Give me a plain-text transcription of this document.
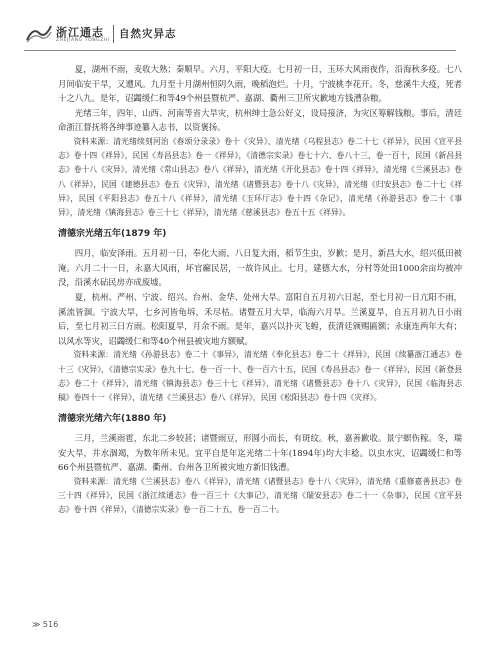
浙江通志
ZHEJIANG TONGZHI
自然灾异志

夏，湖州不雨，麦收大熟；秦顺早。六月，平阳大疫。七月初一日，玉环大风雨夜作，沿海秋多疫。七八月间临安干旱，又遭风。九月至十月湖州恒阴久雨，晚稻泡烂。十月，宁波桃李花开。冬，慈溪牛大疫，死者十之八九。是年，诏蠲缓仁和等49个州县暨杭严、嘉湖、衢州三卫所灾歉地方钱漕杂粮。

光绪三年，四年，山西、河南等省大旱灾，杭州绅士急公好义，设局接济，为灾区筹解钱粮。事后，清廷命浙江督抚将各绅事迹纂入志书，以资褒扬。

资料来源：清光绪续刻河治《春颂分录录》卷十《灾异》，清光绪《乌程县志》卷二十七《祥异》，民国《宣平县志》卷十四《祥异》，民国《寿昌县志》卷一《祥异》，《清德宗实录》卷七十六、卷八十三、卷一百十，民国《新昌县志》卷十八《灾异》，清光绪《常山县志》卷八《祥异》，清光绪《开化县志》卷十四《祥异》，清光绪《兰溪县志》卷八《祥异》，民国《建德县志》卷五《灾异》，清光绪《诸暨县志》卷十八《灾异》，清光绪《归安县志》卷二十七《祥异》，民国《平阳县志》卷五十八《祥异》，清光绪《玉环厅志》卷十四《杂记》，清光绪《孙游县志》卷二十《事异》，清光绪《镇海县志》卷三十七《祥异》，清光绪《慈溪县志》卷五十五《祥异》。

清德宗光绪五年(1879 年)

四月，临安泽雨。五月初一日，奉化大雨，八日复大雨，稻节生虫，岁歉；是月，新昌大水，绍兴低田被淹。六月二十一日，永嘉大风雨，坏官廨民居，一故许风止。七月，建德大水，分村等处田1000余亩均被冲没，沿溪水砧民房亦成废墟。

夏，杭州、严州、宁波、绍兴、台州、金华、处州大旱。富阳自五月初六日起，至七月初一日亢阳不雨，溪流皆涸。宁波大旱，七乡河皆龟坼，禾尽枯。诸暨五月大旱，临海六月旱。兰溪夏旱，自五月初九日小雨后，至七月初三日方雨。松阳夏旱，月余不雨。是年，嘉兴以扑灭飞蝗，获清廷颁赐匾额；永康连两年大有；以风水等灾，诏蠲缓仁和等40个州县被灾地方额赋。

资料来源：清光绪《孙游县志》卷二十《事异》，清光绪《奉化县志》卷二十《祥异》，民国《续纂浙江通志》卷十三《灾异》，《清德宗实录》卷九十七、卷一百一十、卷一百六十五，民国《寿昌县志》卷一《祥异》，民国《新登县志》卷二十《祥异》，清光绪《镇海县志》卷三十七《祥异》，清光绪《诸暨县志》卷十八《灾异》，民国《临海县志稿》卷四十一《祥异》，清光绪《兰溪县志》卷八《祥异》，民国《松阳县志》卷十四《灾祥》。

清德宗光绪六年(1880 年)

三月，兰溪雨雹，东北二乡较甚；诸暨雨豆，形圆小而长，有斑纹。秋，嘉善歉收。景宁螟伤稼。冬，瑞安大旱，井水涸竭，为数年所未见。宜平自是年迄光绪二十年(1894年)均大丰稔。以虫水灾，诏蠲缓仁和等66个州县暨杭严、嘉湖、衢州、台州各卫所被灾地方新旧钱漕。

资料来源：清光绪《兰溪县志》卷八《祥异》，清光绪《诸暨县志》卷十八《灾异》，清光绪《重修嘉善县志》卷三十四《祥异》，民国《浙江续通志》卷一百三十《大事记》，清光绪《瑞安县志》卷二十一《杂事》，民国《宣平县志》卷十四《祥异》，《清德宗实录》卷一百二十五，卷一百二十。

≫ 516
